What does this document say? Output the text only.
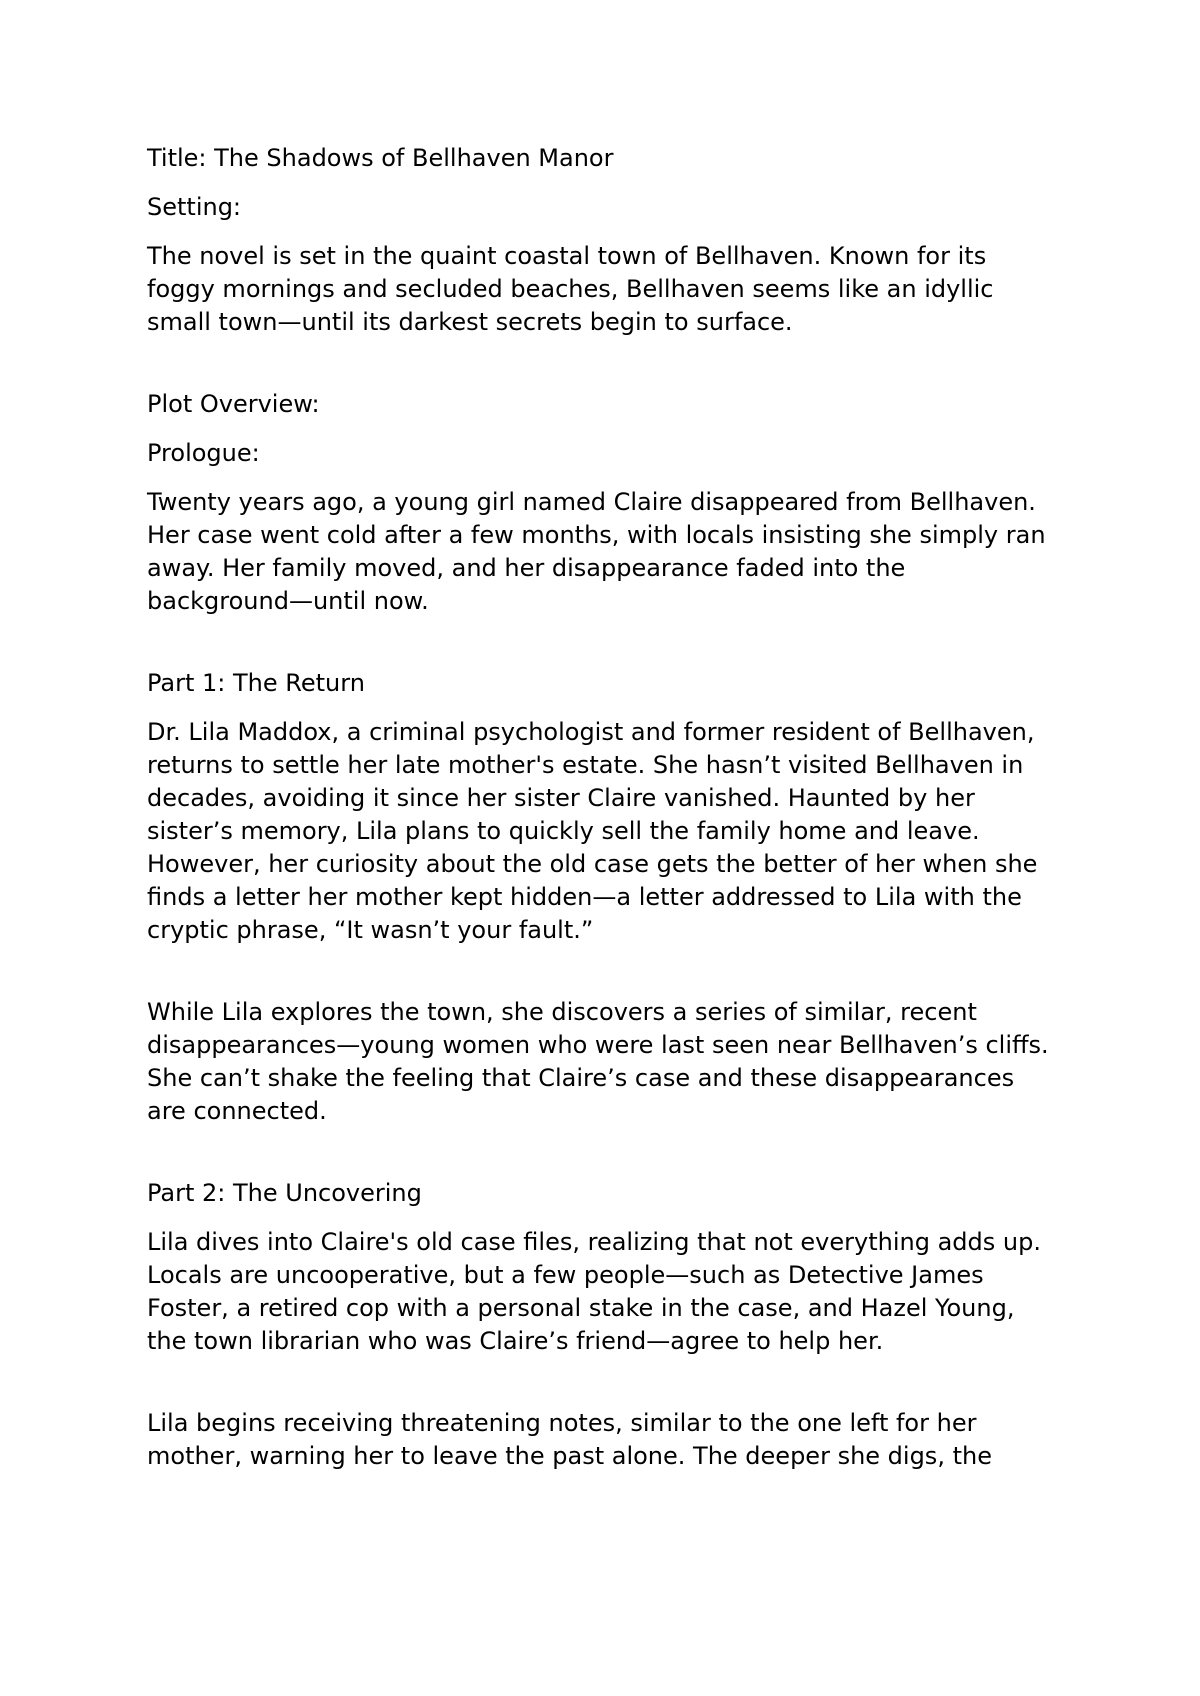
Title: The Shadows of Bellhaven Manor

Setting:

The novel is set in the quaint coastal town of Bellhaven. Known for its
foggy mornings and secluded beaches, Bellhaven seems like an idyllic
small town—until its darkest secrets begin to surface.

Plot Overview:

Prologue:

Twenty years ago, a young girl named Claire disappeared from Bellhaven.
Her case went cold after a few months, with locals insisting she simply ran
away. Her family moved, and her disappearance faded into the
background—until now.

Part 1: The Return

Dr. Lila Maddox, a criminal psychologist and former resident of Bellhaven,
returns to settle her late mother's estate. She hasn’t visited Bellhaven in
decades, avoiding it since her sister Claire vanished. Haunted by her
sister’s memory, Lila plans to quickly sell the family home and leave.
However, her curiosity about the old case gets the better of her when she
finds a letter her mother kept hidden—a letter addressed to Lila with the
cryptic phrase, “It wasn’t your fault.”

While Lila explores the town, she discovers a series of similar, recent
disappearances—young women who were last seen near Bellhaven’s cliffs.
She can’t shake the feeling that Claire’s case and these disappearances
are connected.

Part 2: The Uncovering

Lila dives into Claire's old case files, realizing that not everything adds up.
Locals are uncooperative, but a few people—such as Detective James
Foster, a retired cop with a personal stake in the case, and Hazel Young,
the town librarian who was Claire’s friend—agree to help her.

Lila begins receiving threatening notes, similar to the one left for her
mother, warning her to leave the past alone. The deeper she digs, the
